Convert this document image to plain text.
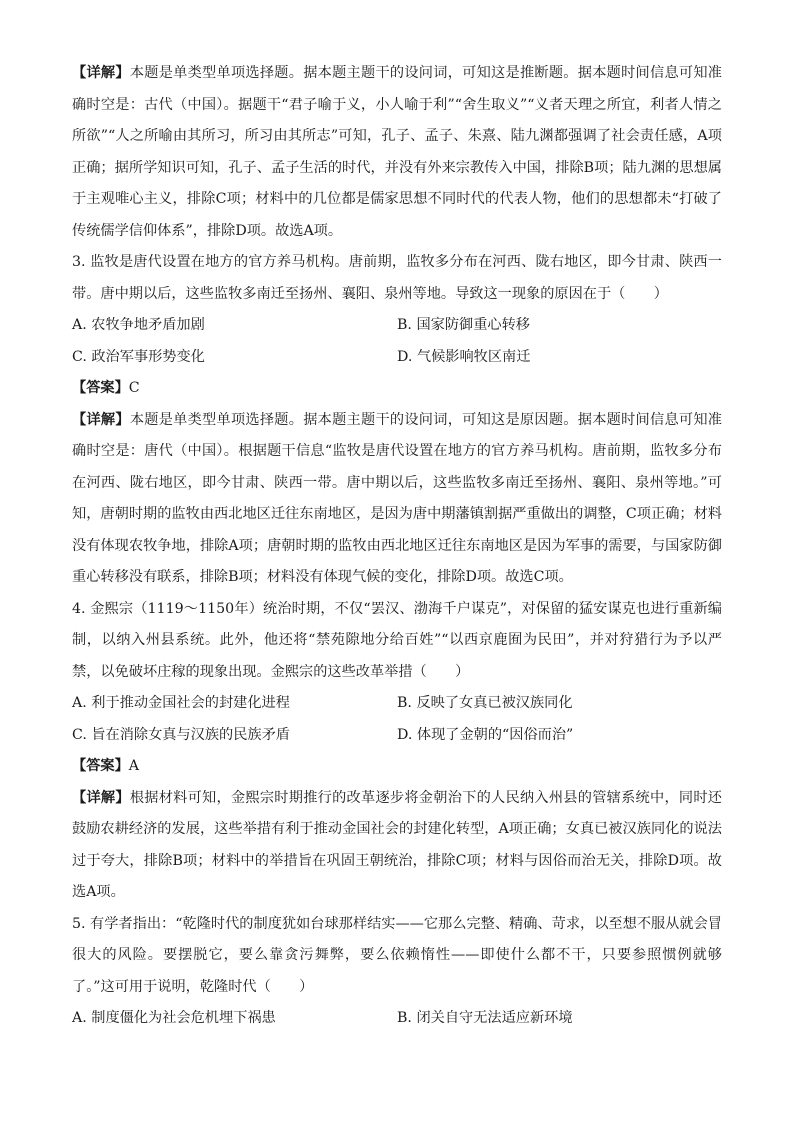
【详解】本题是单类型单项选择题。据本题主题干的设问词，可知这是推断题。据本题时间信息可知准确时空是：古代（中国）。据题干“君子喻于义，小人喻于利”“舍生取义”“义者天理之所宜，利者人情之所欲”“人之所喻由其所习，所习由其所志”可知，孔子、孟子、朱熹、陆九渊都强调了社会责任感，A项正确；据所学知识可知，孔子、孟子生活的时代，并没有外来宗教传入中国，排除B项；陆九渊的思想属于主观唯心主义，排除C项；材料中的几位都是儒家思想不同时代的代表人物，他们的思想都未“打破了传统儒学信仰体系”，排除D项。故选A项。

3. 监牧是唐代设置在地方的官方养马机构。唐前期，监牧多分布在河西、陇右地区，即今甘肃、陕西一带。唐中期以后，这些监牧多南迁至扬州、襄阳、泉州等地。导致这一现象的原因在于（　　）

A. 农牧争地矛盾加剧	B. 国家防御重心转移
C. 政治军事形势变化	D. 气候影响牧区南迁
【答案】C

【详解】本题是单类型单项选择题。据本题主题干的设问词，可知这是原因题。据本题时间信息可知准确时空是：唐代（中国）。根据题干信息“监牧是唐代设置在地方的官方养马机构。唐前期，监牧多分布在河西、陇右地区，即今甘肃、陕西一带。唐中期以后，这些监牧多南迁至扬州、襄阳、泉州等地。”可知，唐朝时期的监牧由西北地区迁往东南地区，是因为唐中期藩镇割据严重做出的调整，C项正确；材料没有体现农牧争地，排除A项；唐朝时期的监牧由西北地区迁往东南地区是因为军事的需要，与国家防御重心转移没有联系，排除B项；材料没有体现气候的变化，排除D项。故选C项。

4. 金熙宗（1119～1150年）统治时期，不仅“罢汉、渤海千户谋克”，对保留的猛安谋克也进行重新编制，以纳入州县系统。此外，他还将“禁苑隙地分给百姓”“以西京鹿囿为民田”，并对狩猎行为予以严禁，以免破坏庄稼的现象出现。金熙宗的这些改革举措（　　）

A. 利于推动金国社会的封建化进程	B. 反映了女真已被汉族同化
C. 旨在消除女真与汉族的民族矛盾	D. 体现了金朝的“因俗而治”
【答案】A

【详解】根据材料可知，金熙宗时期推行的改革逐步将金朝治下的人民纳入州县的管辖系统中，同时还鼓励农耕经济的发展，这些举措有利于推动金国社会的封建化转型，A项正确；女真已被汉族同化的说法过于夸大，排除B项；材料中的举措旨在巩固王朝统治，排除C项；材料与因俗而治无关，排除D项。故选A项。

5. 有学者指出：“乾隆时代的制度犹如台球那样结实——它那么完整、精确、苛求，以至想不服从就会冒很大的风险。要摆脱它，要么靠贪污舞弊，要么依赖惰性——即使什么都不干，只要参照惯例就够了。”这可用于说明，乾隆时代（　　）

A. 制度僵化为社会危机埋下祸患	B. 闭关自守无法适应新环境
